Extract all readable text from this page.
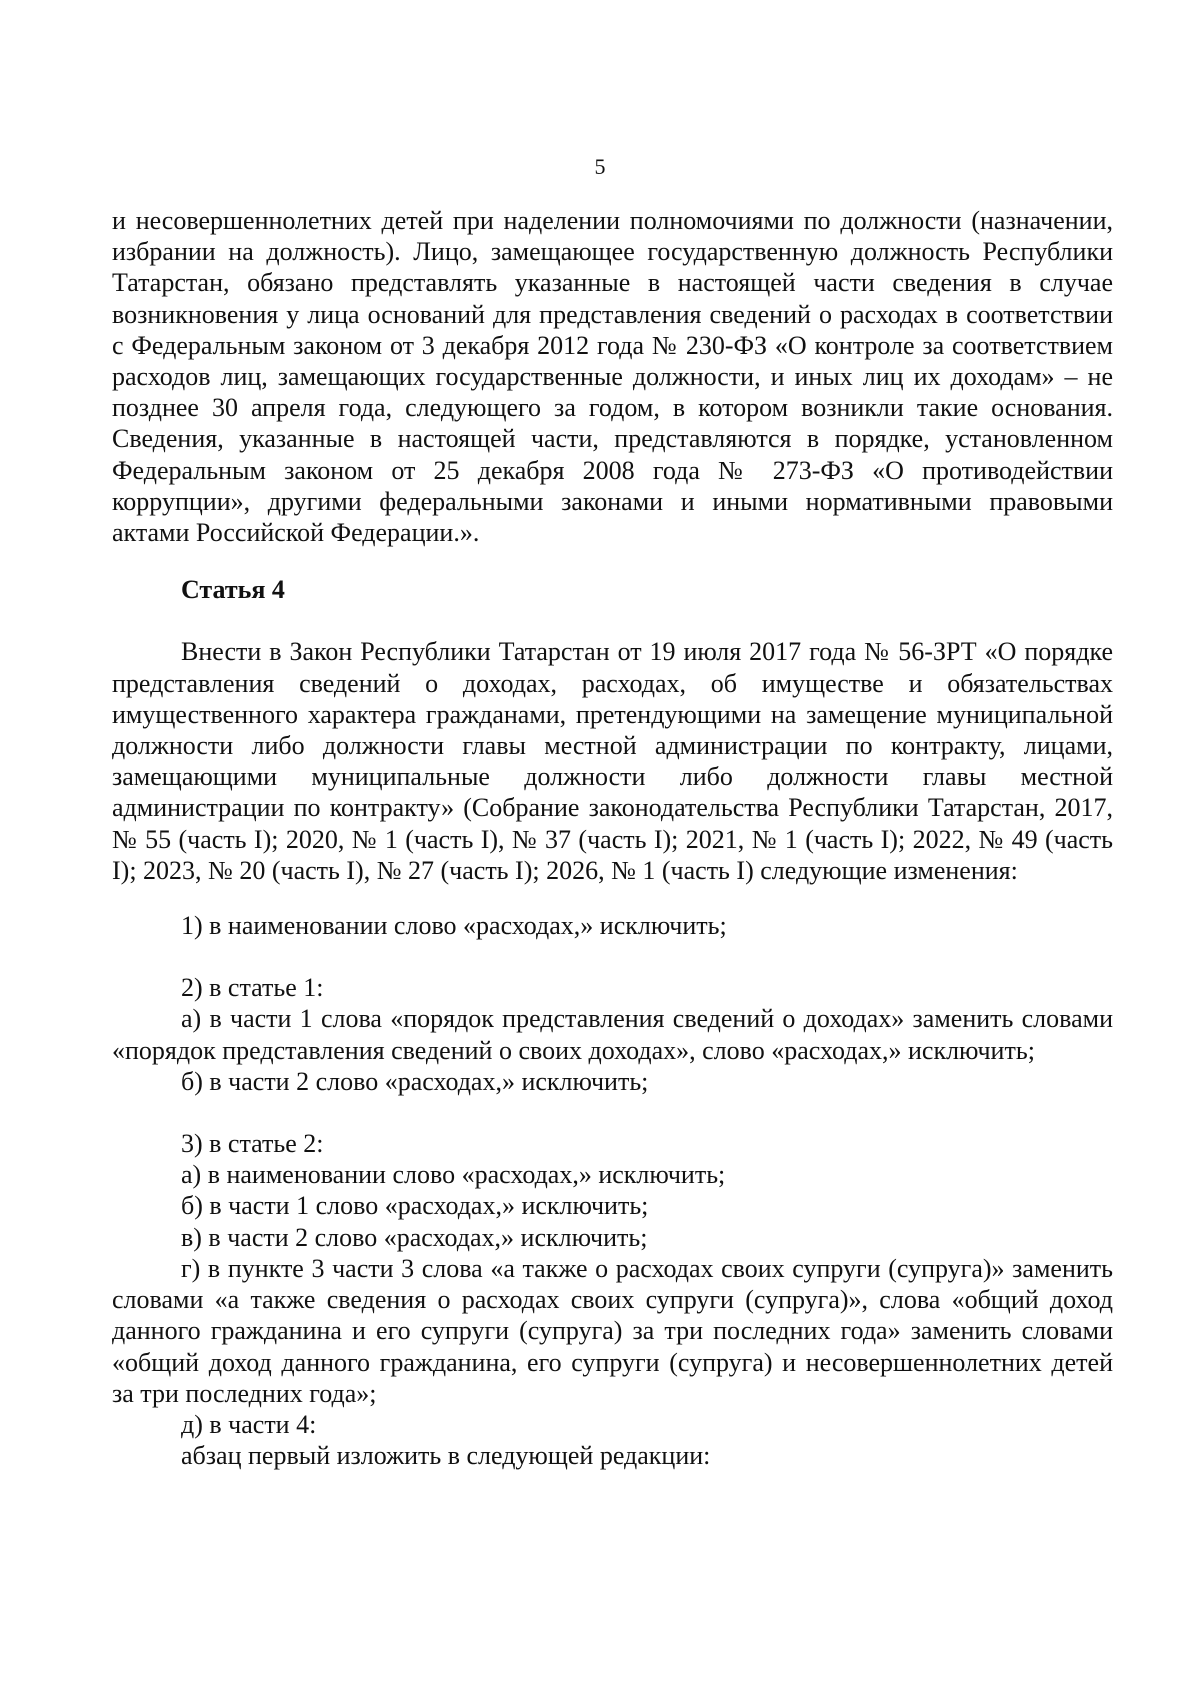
5

и несовершеннолетних детей при наделении полномочиями по должности (назначении, избрании на должность). Лицо, замещающее государственную должность Республики Татарстан, обязано представлять указанные в настоящей части сведения в случае возникновения у лица оснований для представления сведений о расходах в соответствии с Федеральным законом от 3 декабря 2012 года № 230-ФЗ «О контроле за соответствием расходов лиц, замещающих государственные должности, и иных лиц их доходам» – не позднее 30 апреля года, следующего за годом, в котором возникли такие основания. Сведения, указанные в настоящей части, представляются в порядке, установленном Федеральным законом от 25 декабря 2008 года № 273-ФЗ «О противодействии коррупции», другими федеральными законами и иными нормативными правовыми актами Российской Федерации.».

Статья 4

Внести в Закон Республики Татарстан от 19 июля 2017 года № 56-ЗРТ «О порядке представления сведений о доходах, расходах, об имуществе и обязательствах имущественного характера гражданами, претендующими на замещение муниципальной должности либо должности главы местной администрации по контракту, лицами, замещающими муниципальные должности либо должности главы местной администрации по контракту» (Собрание законодательства Республики Татарстан, 2017, № 55 (часть I); 2020, № 1 (часть I), № 37 (часть I); 2021, № 1 (часть I); 2022, № 49 (часть I); 2023, № 20 (часть I), № 27 (часть I); 2026, № 1 (часть I) следующие изменения:

1) в наименовании слово «расходах,» исключить;

2) в статье 1:

а) в части 1 слова «порядок представления сведений о доходах» заменить словами «порядок представления сведений о своих доходах», слово «расходах,» исключить;

б) в части 2 слово «расходах,» исключить;

3) в статье 2:

а) в наименовании слово «расходах,» исключить;

б) в части 1 слово «расходах,» исключить;

в) в части 2 слово «расходах,» исключить;

г) в пункте 3 части 3 слова «а также о расходах своих супруги (супруга)» заменить словами «а также сведения о расходах своих супруги (супруга)», слова «общий доход данного гражданина и его супруги (супруга) за три последних года» заменить словами «общий доход данного гражданина, его супруги (супруга) и несовершеннолетних детей за три последних года»;

д) в части 4:

абзац первый изложить в следующей редакции:
